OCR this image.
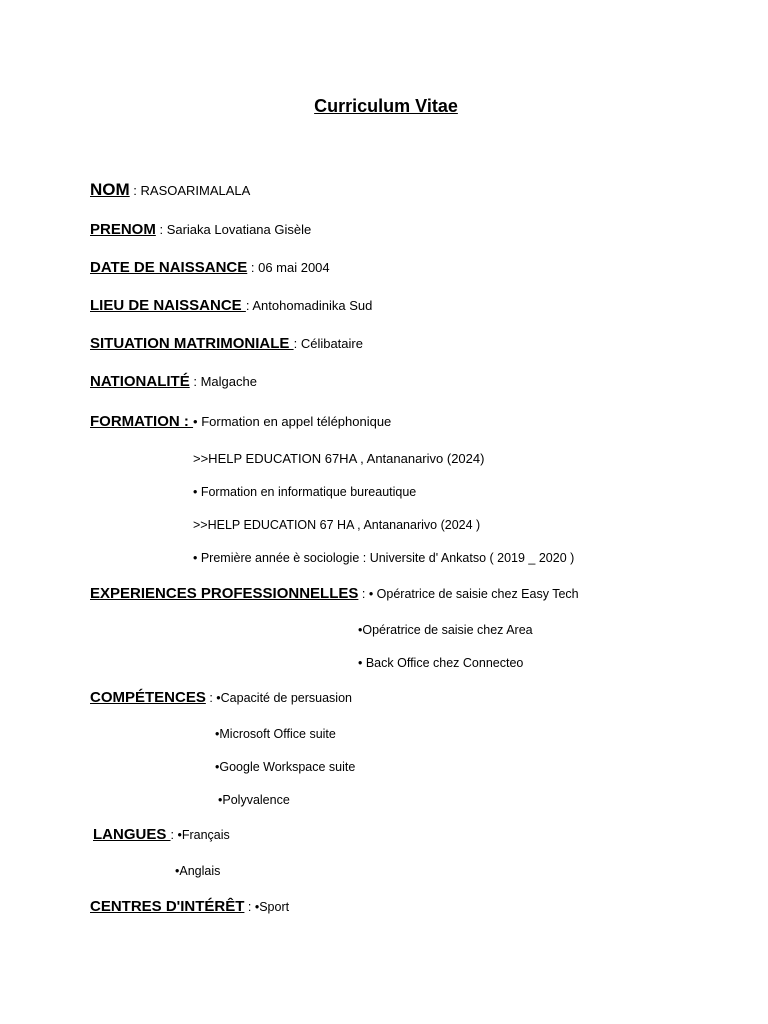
Curriculum Vitae
NOM : RASOARIMALALA
PRENOM : Sariaka Lovatiana Gisèle
DATE DE NAISSANCE : 06 mai 2004
LIEU DE NAISSANCE : Antohomadinika Sud
SITUATION MATRIMONIALE : Célibataire
NATIONALITÉ : Malgache
FORMATION : • Formation en appel téléphonique
>>HELP EDUCATION 67HA , Antananarivo (2024)
• Formation en informatique bureautique
>>HELP EDUCATION 67 HA , Antananarivo (2024 )
• Première année è sociologie : Universite d' Ankatso ( 2019 _ 2020 )
EXPERIENCES PROFESSIONNELLES : • Opératrice de saisie chez Easy Tech
•Opératrice de saisie chez Area
• Back Office chez Connecteo
COMPÉTENCES : •Capacité de persuasion
•Microsoft Office suite
•Google Workspace suite
•Polyvalence
LANGUES : •Français
•Anglais
CENTRES D'INTÉRÊT : •Sport
